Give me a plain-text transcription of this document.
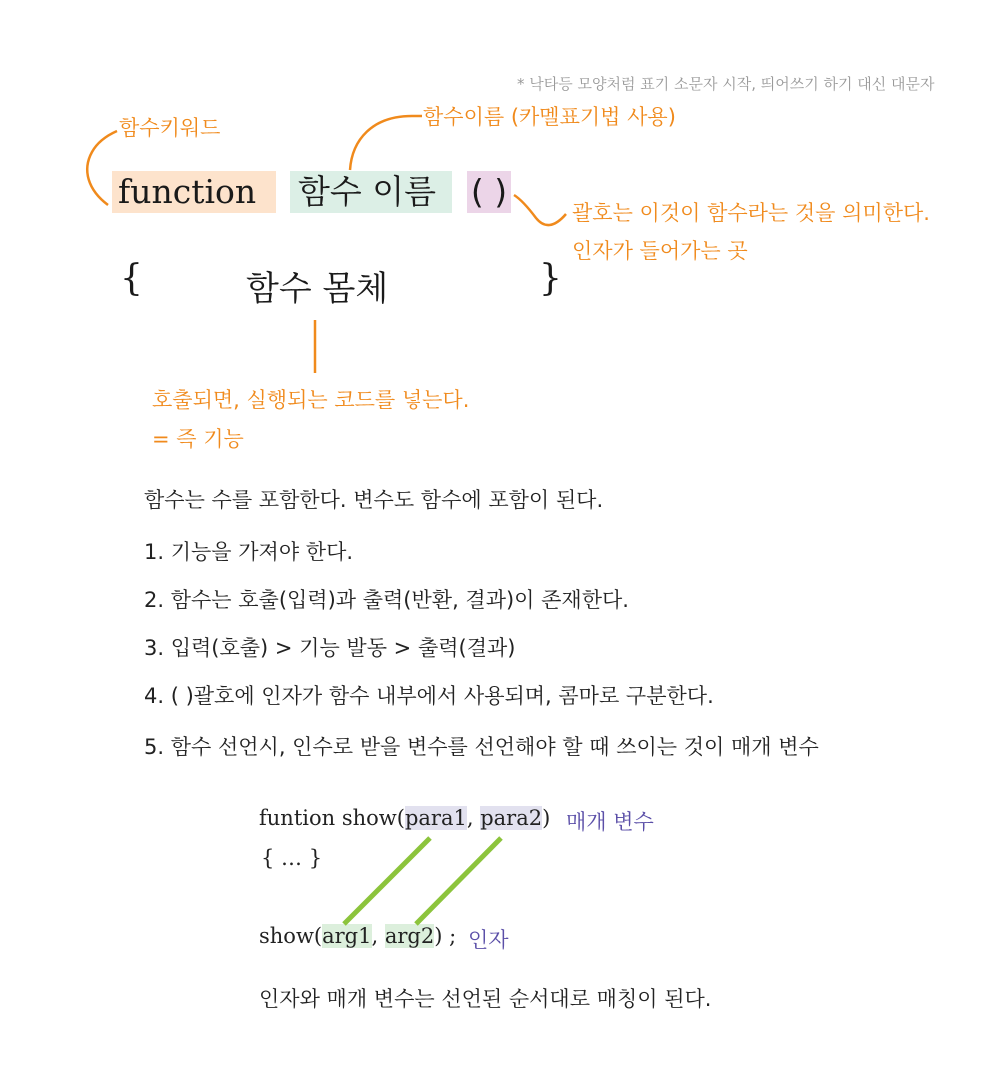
* 낙타등 모양처럼 표기 소문자 시작, 띄어쓰기 하기 대신 대문자
함수키워드	함수이름 (카멜표기법 사용)
괄호는 이것이 함수라는 것을 의미한다.
인자가 들어가는 곳
function	함수 이름	( )
{	함수 몸체	}
호출되면, 실행되는 코드를 넣는다.
= 즉 기능
함수는 수를 포함한다. 변수도 함수에 포함이 된다.
1. 기능을 가져야 한다.
2. 함수는 호출(입력)과 출력(반환, 결과)이 존재한다.
3. 입력(호출) > 기능 발동 > 출력(결과)
4. ( )괄호에 인자가 함수 내부에서 사용되며, 콤마로 구분한다.
5. 함수 선언시, 인수로 받을 변수를 선언해야 할 때 쓰이는 것이 매개 변수
funtion show(para1, para2) 매개 변수
{ … }
show(arg1, arg2) ; 인자
인자와 매개 변수는 선언된 순서대로 매칭이 된다.
